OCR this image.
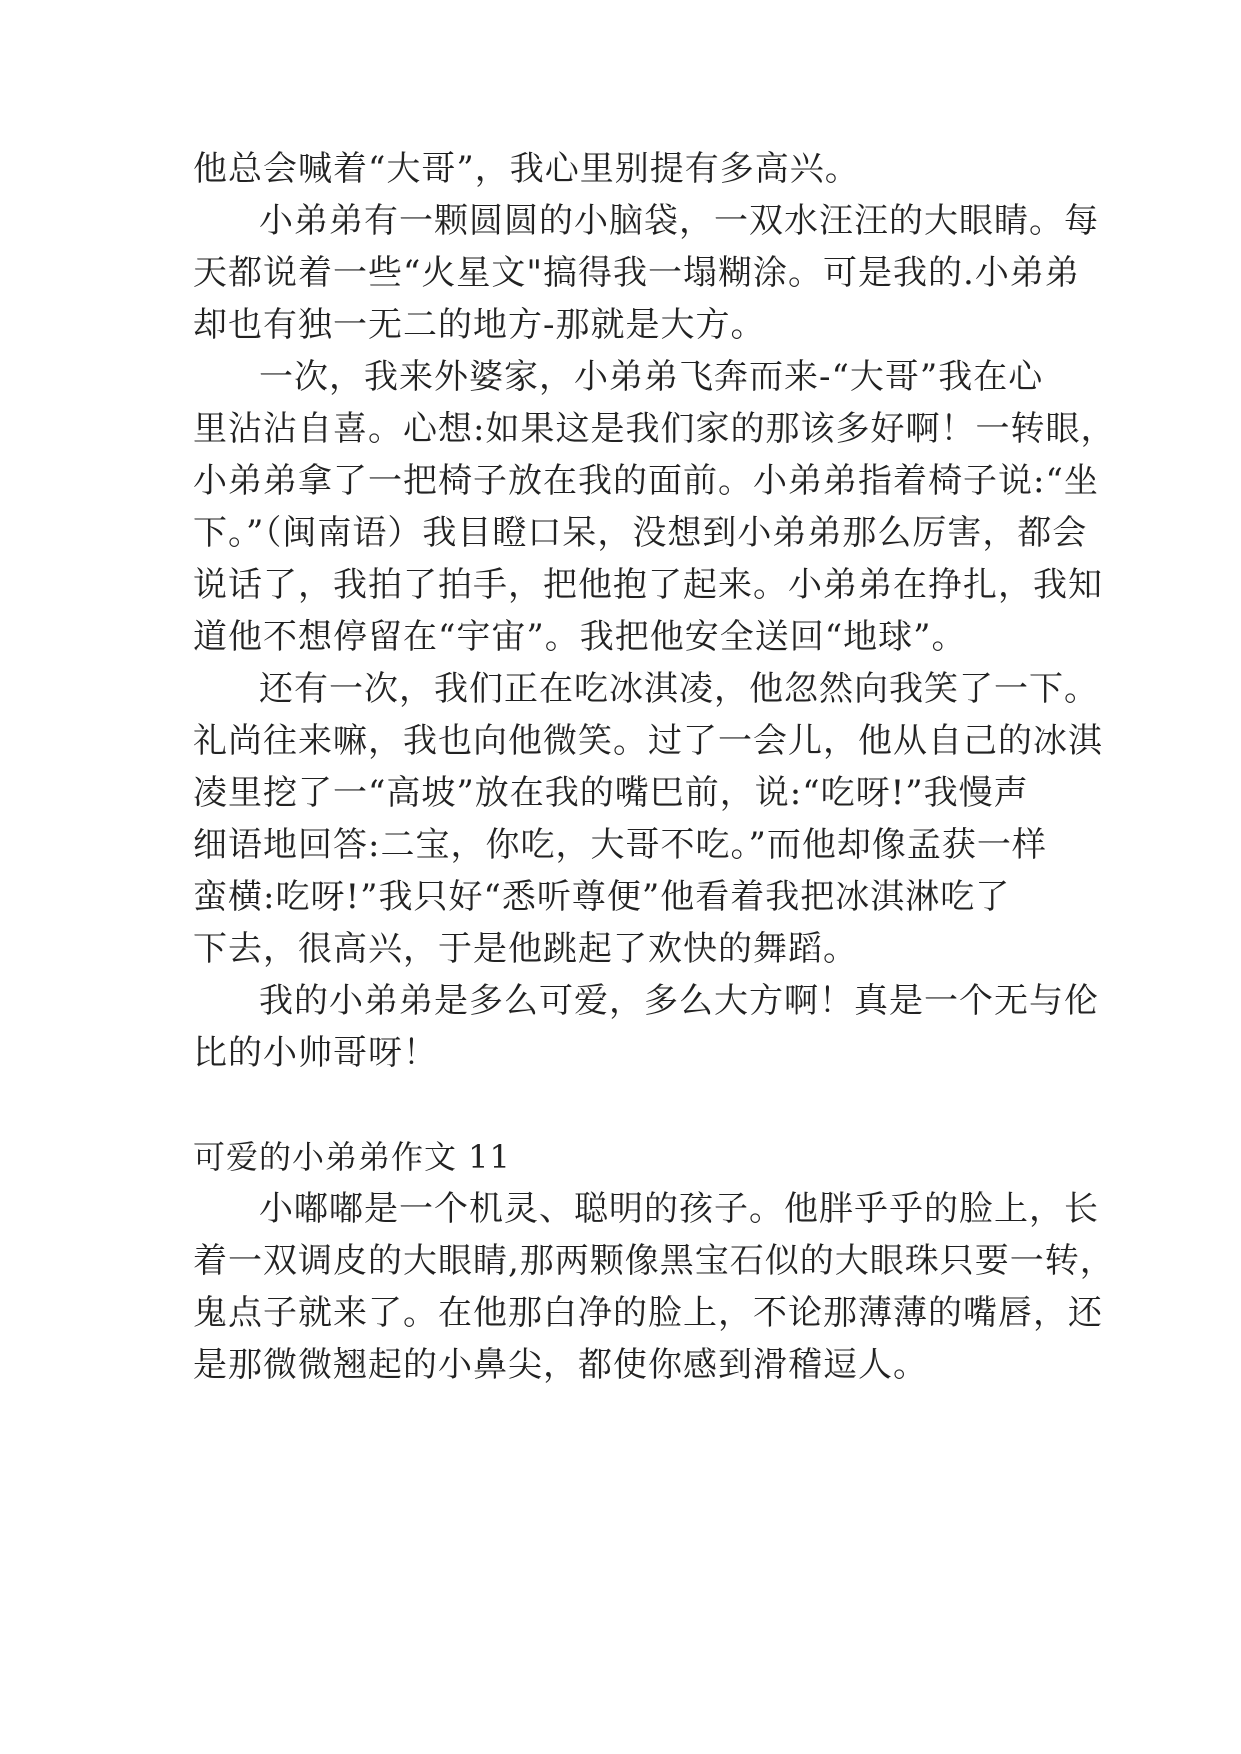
他总会喊着“大哥”，我心里别提有多高兴。
小弟弟有一颗圆圆的小脑袋，一双水汪汪的大眼睛。每
天都说着一些“火星文"搞得我一塌糊涂。可是我的.小弟弟
却也有独一无二的地方-那就是大方。
一次，我来外婆家，小弟弟飞奔而来-“大哥”我在心
里沾沾自喜。心想:如果这是我们家的那该多好啊！一转眼，
小弟弟拿了一把椅子放在我的面前。小弟弟指着椅子说:“坐
下。”（闽南语）我目瞪口呆，没想到小弟弟那么厉害，都会
说话了，我拍了拍手，把他抱了起来。小弟弟在挣扎，我知
道他不想停留在“宇宙”。我把他安全送回“地球”。
还有一次，我们正在吃冰淇凌，他忽然向我笑了一下。
礼尚往来嘛，我也向他微笑。过了一会儿，他从自己的冰淇
凌里挖了一“高坡”放在我的嘴巴前，说:“吃呀!”我慢声
细语地回答:二宝，你吃，大哥不吃。”而他却像孟获一样
蛮横:吃呀!”我只好“悉听尊便”他看着我把冰淇淋吃了
下去，很高兴，于是他跳起了欢快的舞蹈。
我的小弟弟是多么可爱，多么大方啊！真是一个无与伦
比的小帅哥呀！
可爱的小弟弟作文 11
小嘟嘟是一个机灵、聪明的孩子。他胖乎乎的脸上，长
着一双调皮的大眼睛,那两颗像黑宝石似的大眼珠只要一转，
鬼点子就来了。在他那白净的脸上，不论那薄薄的嘴唇，还
是那微微翘起的小鼻尖，都使你感到滑稽逗人。
